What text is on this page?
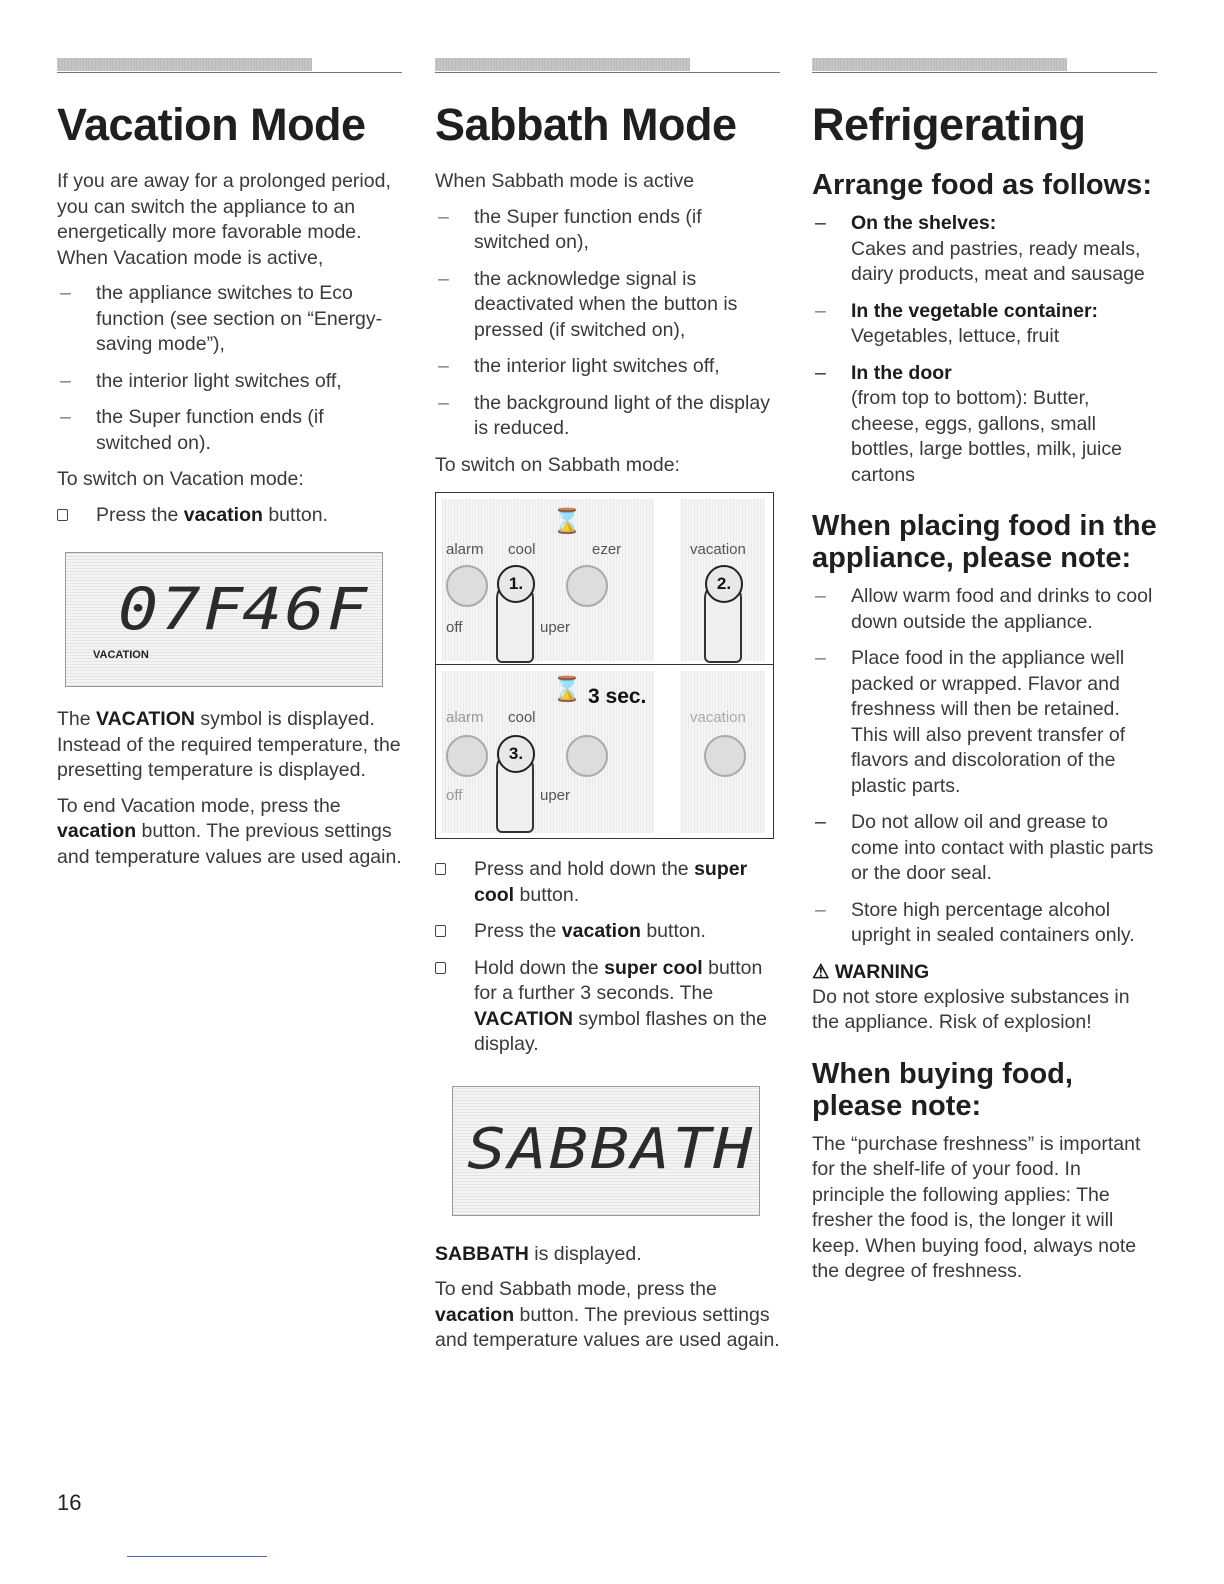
Vacation Mode

If you are away for a prolonged period, you can switch the appliance to an energetically more favorable mode. When Vacation mode is active,

– the appliance switches to Eco function (see section on “Energy-saving mode”),
– the interior light switches off,
– the Super function ends (if switched on).

To switch on Vacation mode:

Press the vacation button.
07F
46F
VACATION

The VACATION symbol is displayed. Instead of the required temperature, the presetting temperature is displayed.

To end Vacation mode, press the vacation button. The previous settings and temperature values are used again.

Sabbath Mode

When Sabbath mode is active

– the Super function ends (if switched on),
– the acknowledge signal is deactivated when the button is pressed (if switched on),
– the interior light switches off,
– the background light of the display is reduced.

To switch on Sabbath mode:

alarm cool
⌛
ezer	vacation
1.
uper
off
2.
⌛ 3 sec.
alarm cool	vacation
3.
uper
off
Press and hold down the super cool button.
Press the vacation button.
Hold down the super cool button for a further 3 seconds. The VACATION symbol flashes on the display.
SABBATH

SABBATH is displayed.

To end Sabbath mode, press the vacation button. The previous settings and temperature values are used again.

Refrigerating
Arrange food as follows:
– On the shelves:
Cakes and pastries, ready meals, dairy products, meat and sausage
– In the vegetable container:
Vegetables, lettuce, fruit
– In the door
(from top to bottom): Butter, cheese, eggs, gallons, small bottles, large bottles, milk, juice cartons
When placing food in the appliance, please note:
– Allow warm food and drinks to cool down outside the appliance.
– Place food in the appliance well packed or wrapped. Flavor and freshness will then be retained. This will also prevent transfer of flavors and discoloration of the plastic parts.
– Do not allow oil and grease to come into contact with plastic parts or the door seal.
– Store high percentage alcohol upright in sealed containers only.
⚠ WARNING

Do not store explosive substances in the appliance. Risk of explosion!

When buying food, please note:

The “purchase freshness” is important for the shelf-life of your food. In principle the following applies: The fresher the food is, the longer it will keep. When buying food, always note the degree of freshness.

16
